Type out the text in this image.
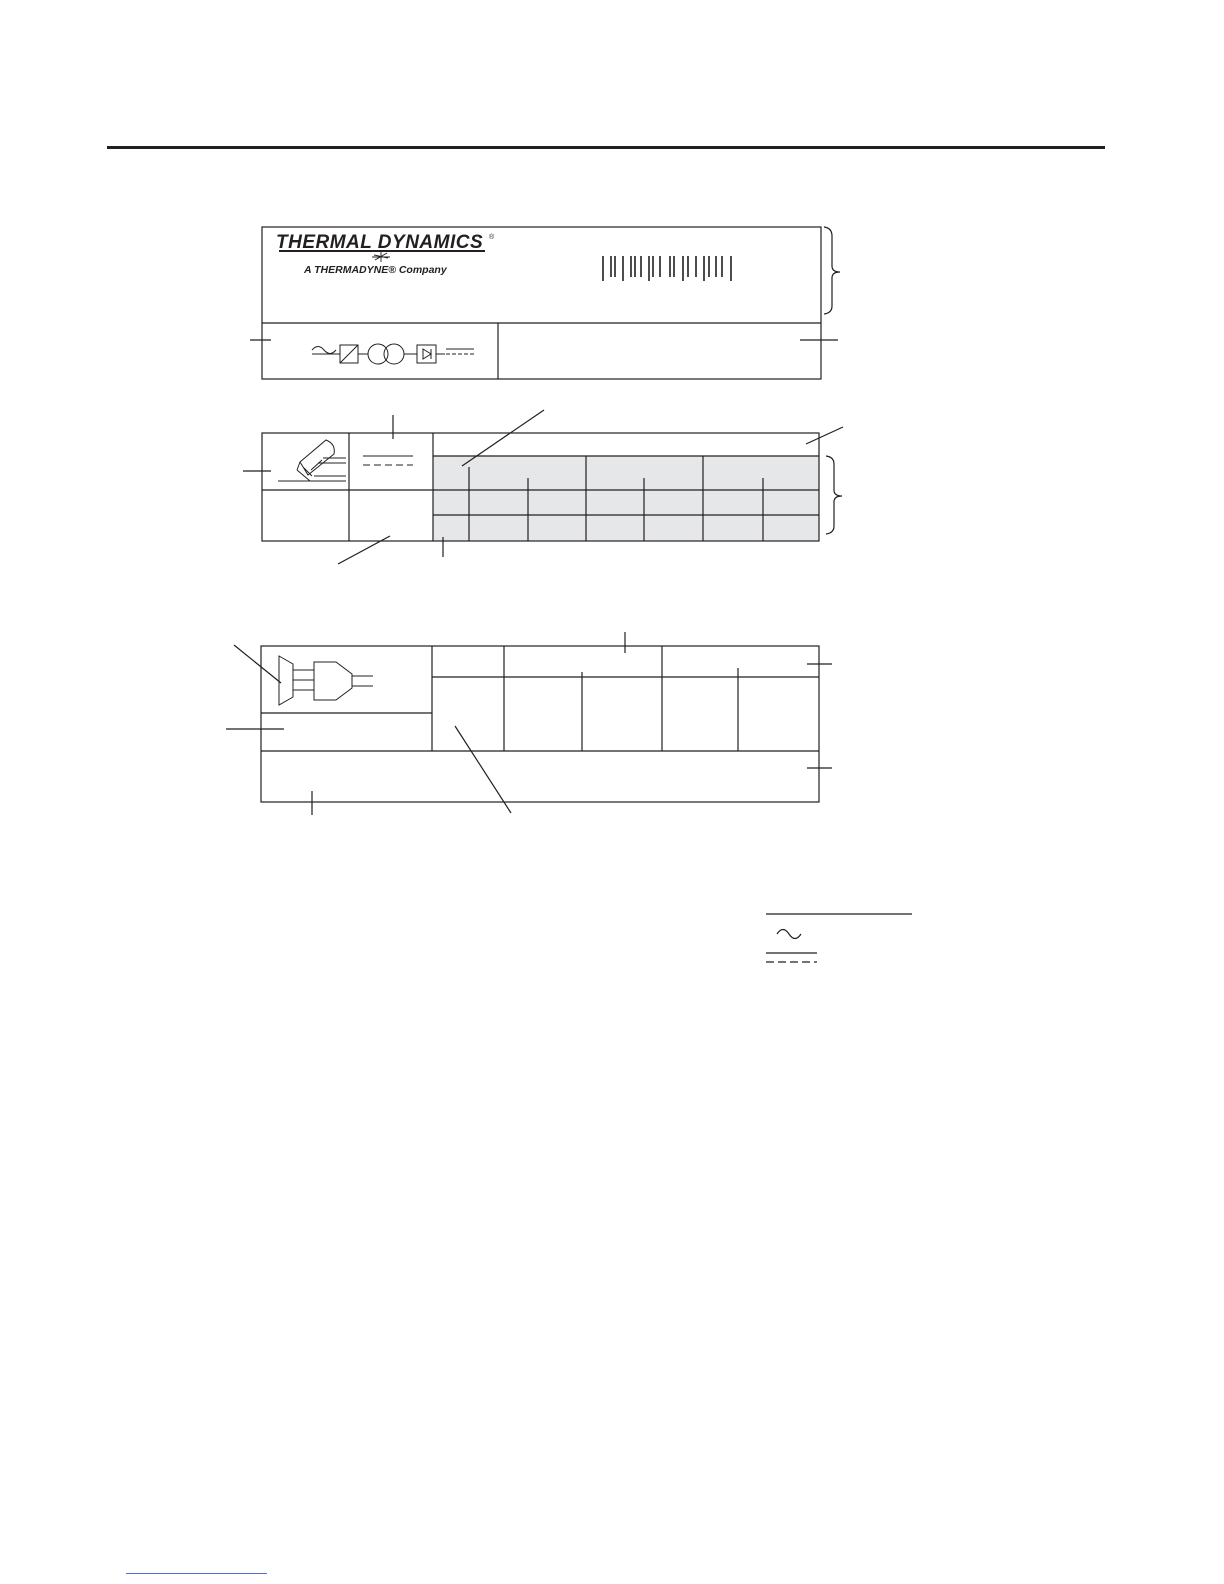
THERMAL DYNAMICS ®
A THERMADYNE® Company
